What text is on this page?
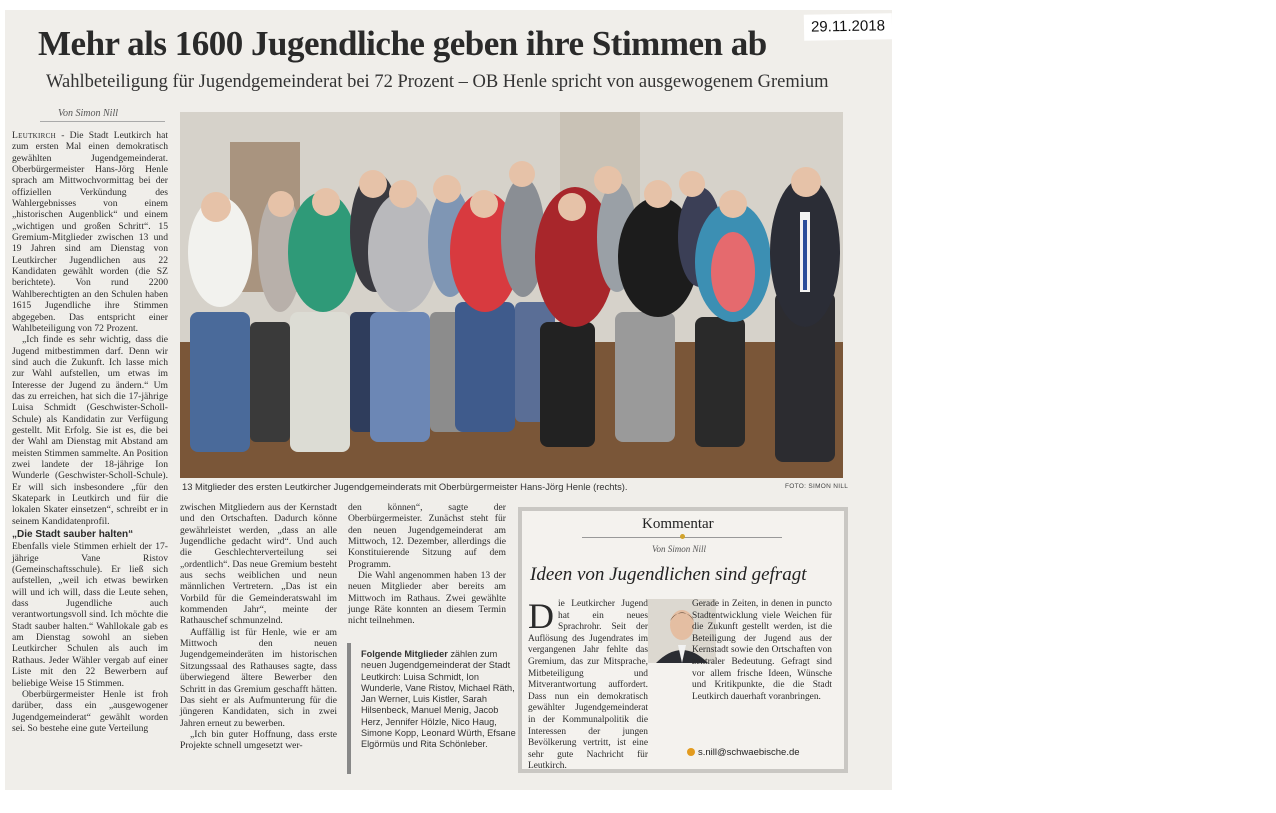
29.11.2018
Mehr als 1600 Jugendliche geben ihre Stimmen ab
Wahlbeteiligung für Jugendgemeinderat bei 72 Prozent – OB Henle spricht von ausgewogenem Gremium
Von Simon Nill

Leutkirch - Die Stadt Leutkirch hat zum ersten Mal einen demokratisch gewählten Jugendgemeinderat. Oberbürgermeister Hans-Jörg Henle sprach am Mittwochvormittag bei der offiziellen Verkündung des Wahlergebnisses von einem „historischen Augenblick“ und einem „wichtigen und großen Schritt“. 15 Gremium-Mitglieder zwischen 13 und 19 Jahren sind am Dienstag von Leutkircher Jugendlichen aus 22 Kandidaten gewählt worden (die SZ berichtete). Von rund 2200 Wahlberechtigten an den Schulen haben 1615 Jugendliche ihre Stimmen abgegeben. Das entspricht einer Wahlbeteiligung von 72 Prozent.

„Ich finde es sehr wichtig, dass die Jugend mitbestimmen darf. Denn wir sind auch die Zukunft. Ich lasse mich zur Wahl aufstellen, um etwas im Interesse der Jugend zu ändern.“ Um das zu erreichen, hat sich die 17-jährige Luisa Schmidt (Geschwister-Scholl-Schule) als Kandidatin zur Verfügung gestellt. Mit Erfolg. Sie ist es, die bei der Wahl am Dienstag mit Abstand am meisten Stimmen sammelte. An Position zwei landete der 18-jährige Ion Wunderle (Geschwister-Scholl-Schule). Er will sich insbesondere „für den Skatepark in Leutkirch und für die lokalen Skater einsetzen“, schreibt er in seinem Kandidatenprofil.

„Die Stadt sauber halten“

Ebenfalls viele Stimmen erhielt der 17-jährige Vane Ristov (Gemeinschaftsschule). Er ließ sich aufstellen, „weil ich etwas bewirken will und ich will, dass die Leute sehen, dass Jugendliche auch verantwortungsvoll sind. Ich möchte die Stadt sauber halten.“ Wahllokale gab es am Dienstag sowohl an sieben Leutkircher Schulen als auch im Rathaus. Jeder Wähler vergab auf einer Liste mit den 22 Bewerbern auf beliebige Weise 15 Stimmen.

Oberbürgermeister Henle ist froh darüber, dass ein „ausgewogener Jugendgemeinderat“ gewählt worden sei. So bestehe eine gute Verteilung

13 Mitglieder des ersten Leutkircher Jugendgemeinderats mit Oberbürgermeister Hans-Jörg Henle (rechts).	FOTO: SIMON NILL

zwischen Mitgliedern aus der Kernstadt und den Ortschaften. Dadurch könne gewährleistet werden, „dass an alle Jugendliche gedacht wird“. Und auch die Geschlechterverteilung sei „ordentlich“. Das neue Gremium besteht aus sechs weiblichen und neun männlichen Vertretern. „Das ist ein Vorbild für die Gemeinderatswahl im kommenden Jahr“, meinte der Rathauschef schmunzelnd.

Auffällig ist für Henle, wie er am Mittwoch den neuen Jugendgemeinderäten im historischen Sitzungssaal des Rathauses sagte, dass überwiegend ältere Bewerber den Schritt in das Gremium geschafft hätten. Das sieht er als Aufmunterung für die jüngeren Kandidaten, sich in zwei Jahren erneut zu bewerben.

„Ich bin guter Hoffnung, dass erste Projekte schnell umgesetzt wer-

den können“, sagte der Oberbürgermeister. Zunächst steht für den neuen Jugendgemeinderat am Mittwoch, 12. Dezember, allerdings die Konstituierende Sitzung auf dem Programm.

Die Wahl angenommen haben 13 der neuen Mitglieder aber bereits am Mittwoch im Rathaus. Zwei gewählte junge Räte konnten an diesem Termin nicht teilnehmen.

Folgende Mitglieder zählen zum neuen Jugendgemeinderat der Stadt Leutkirch: Luisa Schmidt, Ion Wunderle, Vane Ristov, Michael Räth, Jan Werner, Luis Kistler, Sarah Hilsenbeck, Manuel Menig, Jacob Herz, Jennifer Hölzle, Nico Haug, Simone Kopp, Leonard Würth, Efsane Elgörmüs und Rita Schönleber.
Kommentar
Von Simon Nill
Ideen von Jugendlichen sind gefragt
Die Leutkircher Jugend hat ein neues Sprachrohr. Seit der Auflösung des Jugendrates im vergangenen Jahr fehlte das Gremium, das zur Mitsprache, Mitbeteiligung und Mitverantwortung auffordert. Dass nun ein demokratisch gewählter Jugendgemeinderat in der Kommunalpolitik die Interessen der jungen Bevölkerung vertritt, ist eine sehr gute Nachricht für Leutkirch.
Gerade in Zeiten, in denen in puncto Stadtentwicklung viele Weichen für die Zukunft gestellt werden, ist die Beteiligung der Jugend aus der Kernstadt sowie den Ortschaften von zentraler Bedeutung. Gefragt sind vor allem frische Ideen, Wünsche und Kritikpunkte, die die Stadt Leutkirch dauerhaft voranbringen.
s.nill@schwaebische.de
